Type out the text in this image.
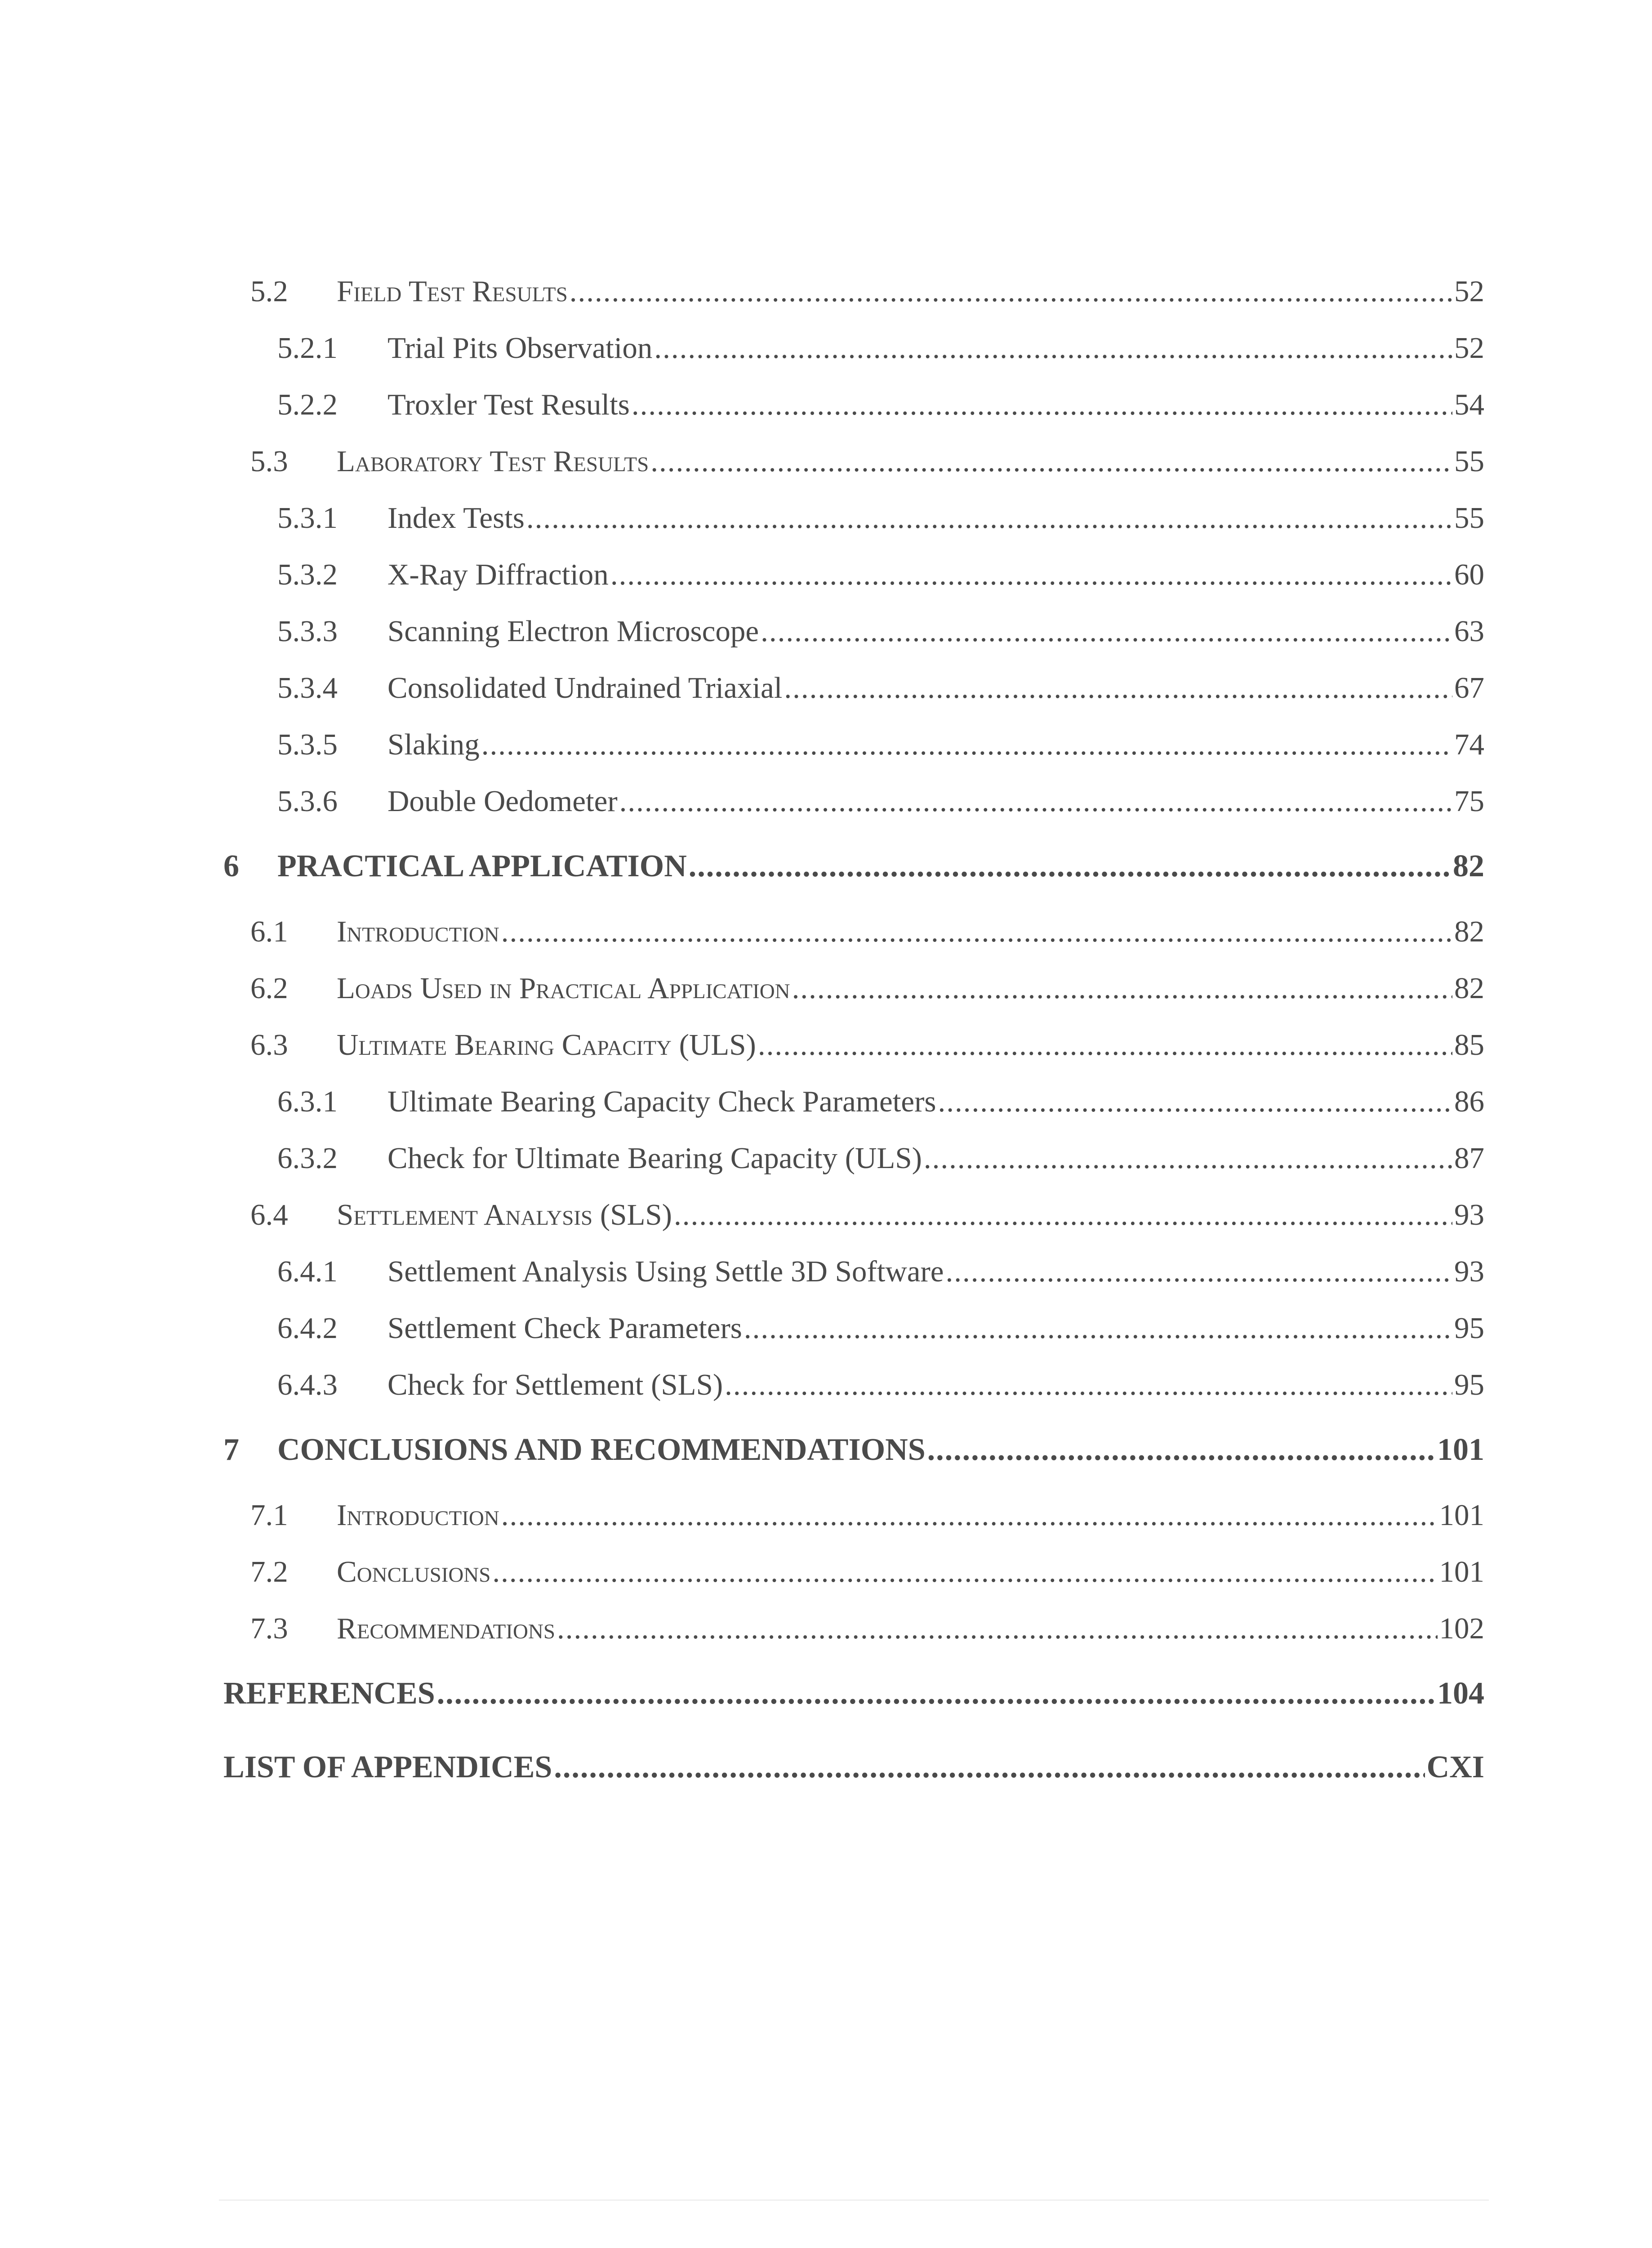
5.2	Field Test Results .....	52
5.2.1	Trial Pits Observation .....	52
5.2.2	Troxler Test Results .....	54
5.3	Laboratory Test Results .....	55
5.3.1	Index Tests .....	55
5.3.2	X-Ray Diffraction .....	60
5.3.3	Scanning Electron Microscope .....	63
5.3.4	Consolidated Undrained Triaxial .....	67
5.3.5	Slaking .....	74
5.3.6	Double Oedometer .....	75
6	PRACTICAL APPLICATION .....	82
6.1	Introduction .....	82
6.2	Loads Used in Practical Application .....	82
6.3	Ultimate Bearing Capacity (ULS) .....	85
6.3.1	Ultimate Bearing Capacity Check Parameters .....	86
6.3.2	Check for Ultimate Bearing Capacity (ULS) .....	87
6.4	Settlement Analysis (SLS) .....	93
6.4.1	Settlement Analysis Using Settle 3D Software .....	93
6.4.2	Settlement Check Parameters .....	95
6.4.3	Check for Settlement (SLS) .....	95
7	CONCLUSIONS AND RECOMMENDATIONS .....	101
7.1	Introduction .....	101
7.2	Conclusions .....	101
7.3	Recommendations .....	102
REFERENCES .....	104
LIST OF APPENDICES .....	CXI
